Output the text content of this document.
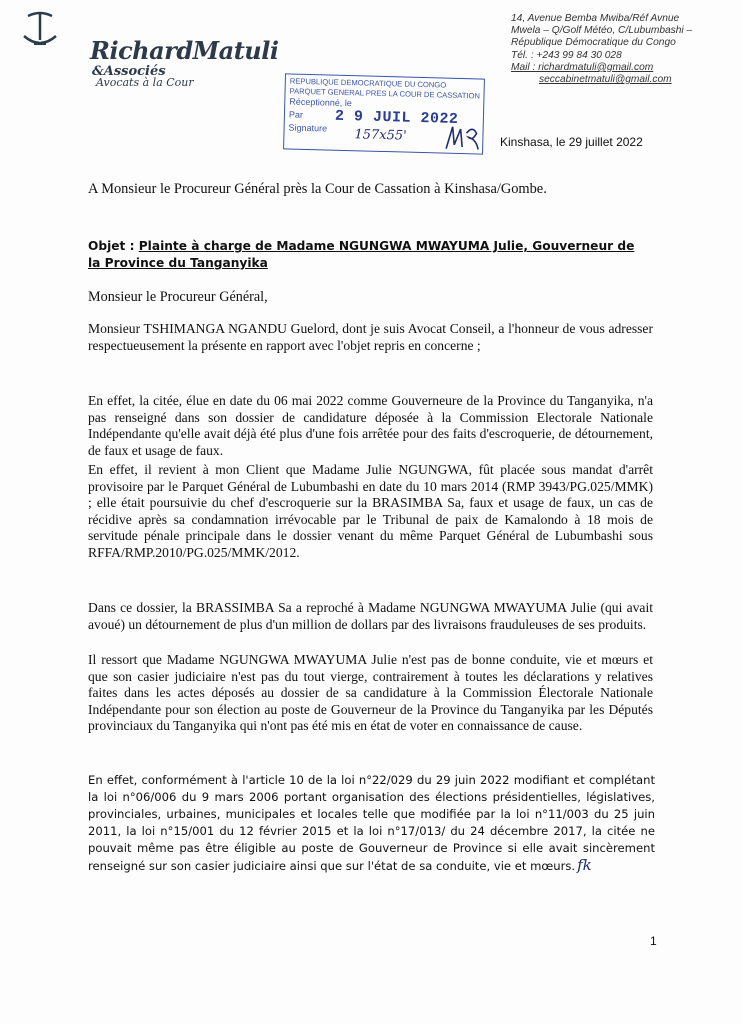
RichardMatuli
&Associés
Avocats à la Cour
14, Avenue Bemba Mwiba/Réf Avnue
Mwela – Q/Golf Météo, C/Lubumbashi –
République Démocratique du Congo
Tél. : +243 99 84 30 028
Mail : richardmatuli@gmail.com
seccabinetmatuli@gmail.com
REPUBLIQUE DEMOCRATIQUE DU CONGO
PARQUET GENERAL PRES LA COUR DE CASSATION
Réceptionné, le
Par
Signature
2 9 JUIL 2022
157x55'	Kinshasa, le 29 juillet 2022
A Monsieur le Procureur Général près la Cour de Cassation à Kinshasa/Gombe.
Objet : Plainte à charge de Madame NGUNGWA MWAYUMA Julie, Gouverneur de la Province du Tanganyika
Monsieur le Procureur Général,
Monsieur TSHIMANGA NGANDU Guelord, dont je suis Avocat Conseil, a l'honneur de vous adresser respectueusement la présente en rapport avec l'objet repris en concerne ;
En effet, la citée, élue en date du 06 mai 2022 comme Gouverneure de la Province du Tanganyika, n'a pas renseigné dans son dossier de candidature déposée à la Commission Electorale Nationale Indépendante qu'elle avait déjà été plus d'une fois arrêtée pour des faits d'escroquerie, de détournement, de faux et usage de faux.
En effet, il revient à mon Client que Madame Julie NGUNGWA, fût placée sous mandat d'arrêt provisoire par le Parquet Général de Lubumbashi en date du 10 mars 2014 (RMP 3943/PG.025/MMK) ; elle était poursuivie du chef d'escroquerie sur la BRASIMBA Sa, faux et usage de faux, un cas de récidive après sa condamnation irrévocable par le Tribunal de paix de Kamalondo à 18 mois de servitude pénale principale dans le dossier venant du même Parquet Général de Lubumbashi sous RFFA/RMP.2010/PG.025/MMK/2012.
Dans ce dossier, la BRASSIMBA Sa a reproché à Madame NGUNGWA MWAYUMA Julie (qui avait avoué) un détournement de plus d'un million de dollars par des livraisons frauduleuses de ses produits.
Il ressort que Madame NGUNGWA MWAYUMA Julie n'est pas de bonne conduite, vie et mœurs et que son casier judiciaire n'est pas du tout vierge, contrairement à toutes les déclarations y relatives faites dans les actes déposés au dossier de sa candidature à la Commission Électorale Nationale Indépendante pour son élection au poste de Gouverneur de la Province du Tanganyika par les Députés provinciaux du Tanganyika qui n'ont pas été mis en état de voter en connaissance de cause.
En effet, conformément à l'article 10 de la loi n°22/029 du 29 juin 2022 modifiant et complétant la loi n°06/006 du 9 mars 2006 portant organisation des élections présidentielles, législatives, provinciales, urbaines, municipales et locales telle que modifiée par la loi n°11/003 du 25 juin 2011, la loi n°15/001 du 12 février 2015 et la loi n°17/013/ du 24 décembre 2017, la citée ne pouvait même pas être éligible au poste de Gouverneur de Province si elle avait sincèrement renseigné sur son casier judiciaire ainsi que sur l'état de sa conduite, vie et mœurs. fk
1
